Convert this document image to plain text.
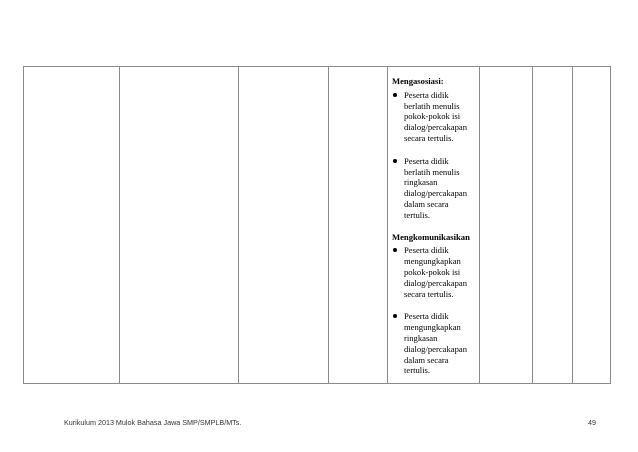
Mengasosiasi:
Peserta didik
berlatih menulis
pokok-pokok isi
dialog/percakapan
secara tertulis.
Peserta didik
berlatih menulis
ringkasan
dialog/percakapan
dalam secara
tertulis.
Mengkomunikasikan
Peserta didik
mengungkapkan
pokok-pokok isi
dialog/percakapan
secara tertulis.
Peserta didik
mengungkapkan
ringkasan
dialog/percakapan
dalam secara
tertulis.
Kurikulum 2013 Mulok Bahasa Jawa SMP/SMPLB/MTs.	49
